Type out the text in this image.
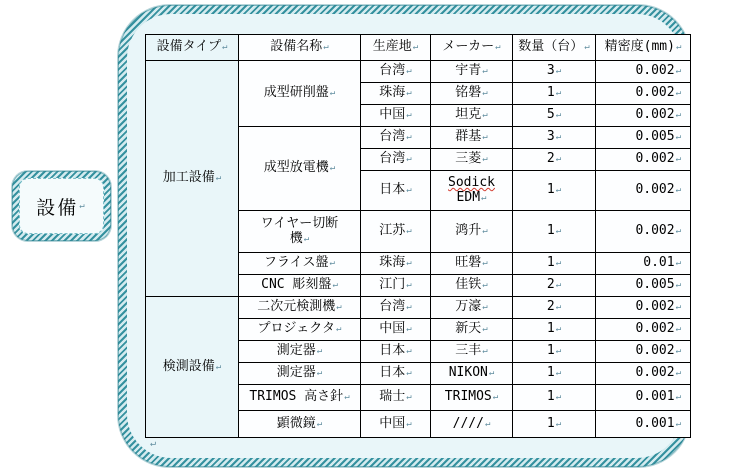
設備 ↵
設備タイプ↵	設備名称↵	生産地↵	メーカー↵	数量（台）↵	精密度(mm)↵
加工設備↵	成型研削盤↵	台湾↵	宇青↵	3↵	0.002↵
		珠海↵	铭磐↵	1↵	0.002↵
		中国↵	坦克↵	5↵	0.002↵
	成型放電機↵	台湾↵	群基↵	3↵	0.005↵
		台湾↵	三菱↵	2↵	0.002↵
		日本↵	Sodick
EDM↵	1↵	0.002↵
	ワイヤー切断
機↵	江苏↵	鸿升↵	1↵	0.002↵
	フライス盤↵	珠海↵	旺磐↵	1↵	0.01↵
	CNC 彫刻盤↵	江门↵	佳铁↵	2↵	0.005↵
検測設備↵	二次元検測機↵	台湾↵	万濠↵	2↵	0.002↵
	プロジェクタ↵	中国↵	新天↵	1↵	0.002↵
	測定器↵	日本↵	三丰↵	1↵	0.002↵
	測定器↵	日本↵	NIKON↵	1↵	0.002↵
	TRIMOS 高さ針↵	瑞士↵	TRIMOS↵	1↵	0.001↵
	顕微鏡↵	中国↵	////↵	1↵	0.001↵
↵
